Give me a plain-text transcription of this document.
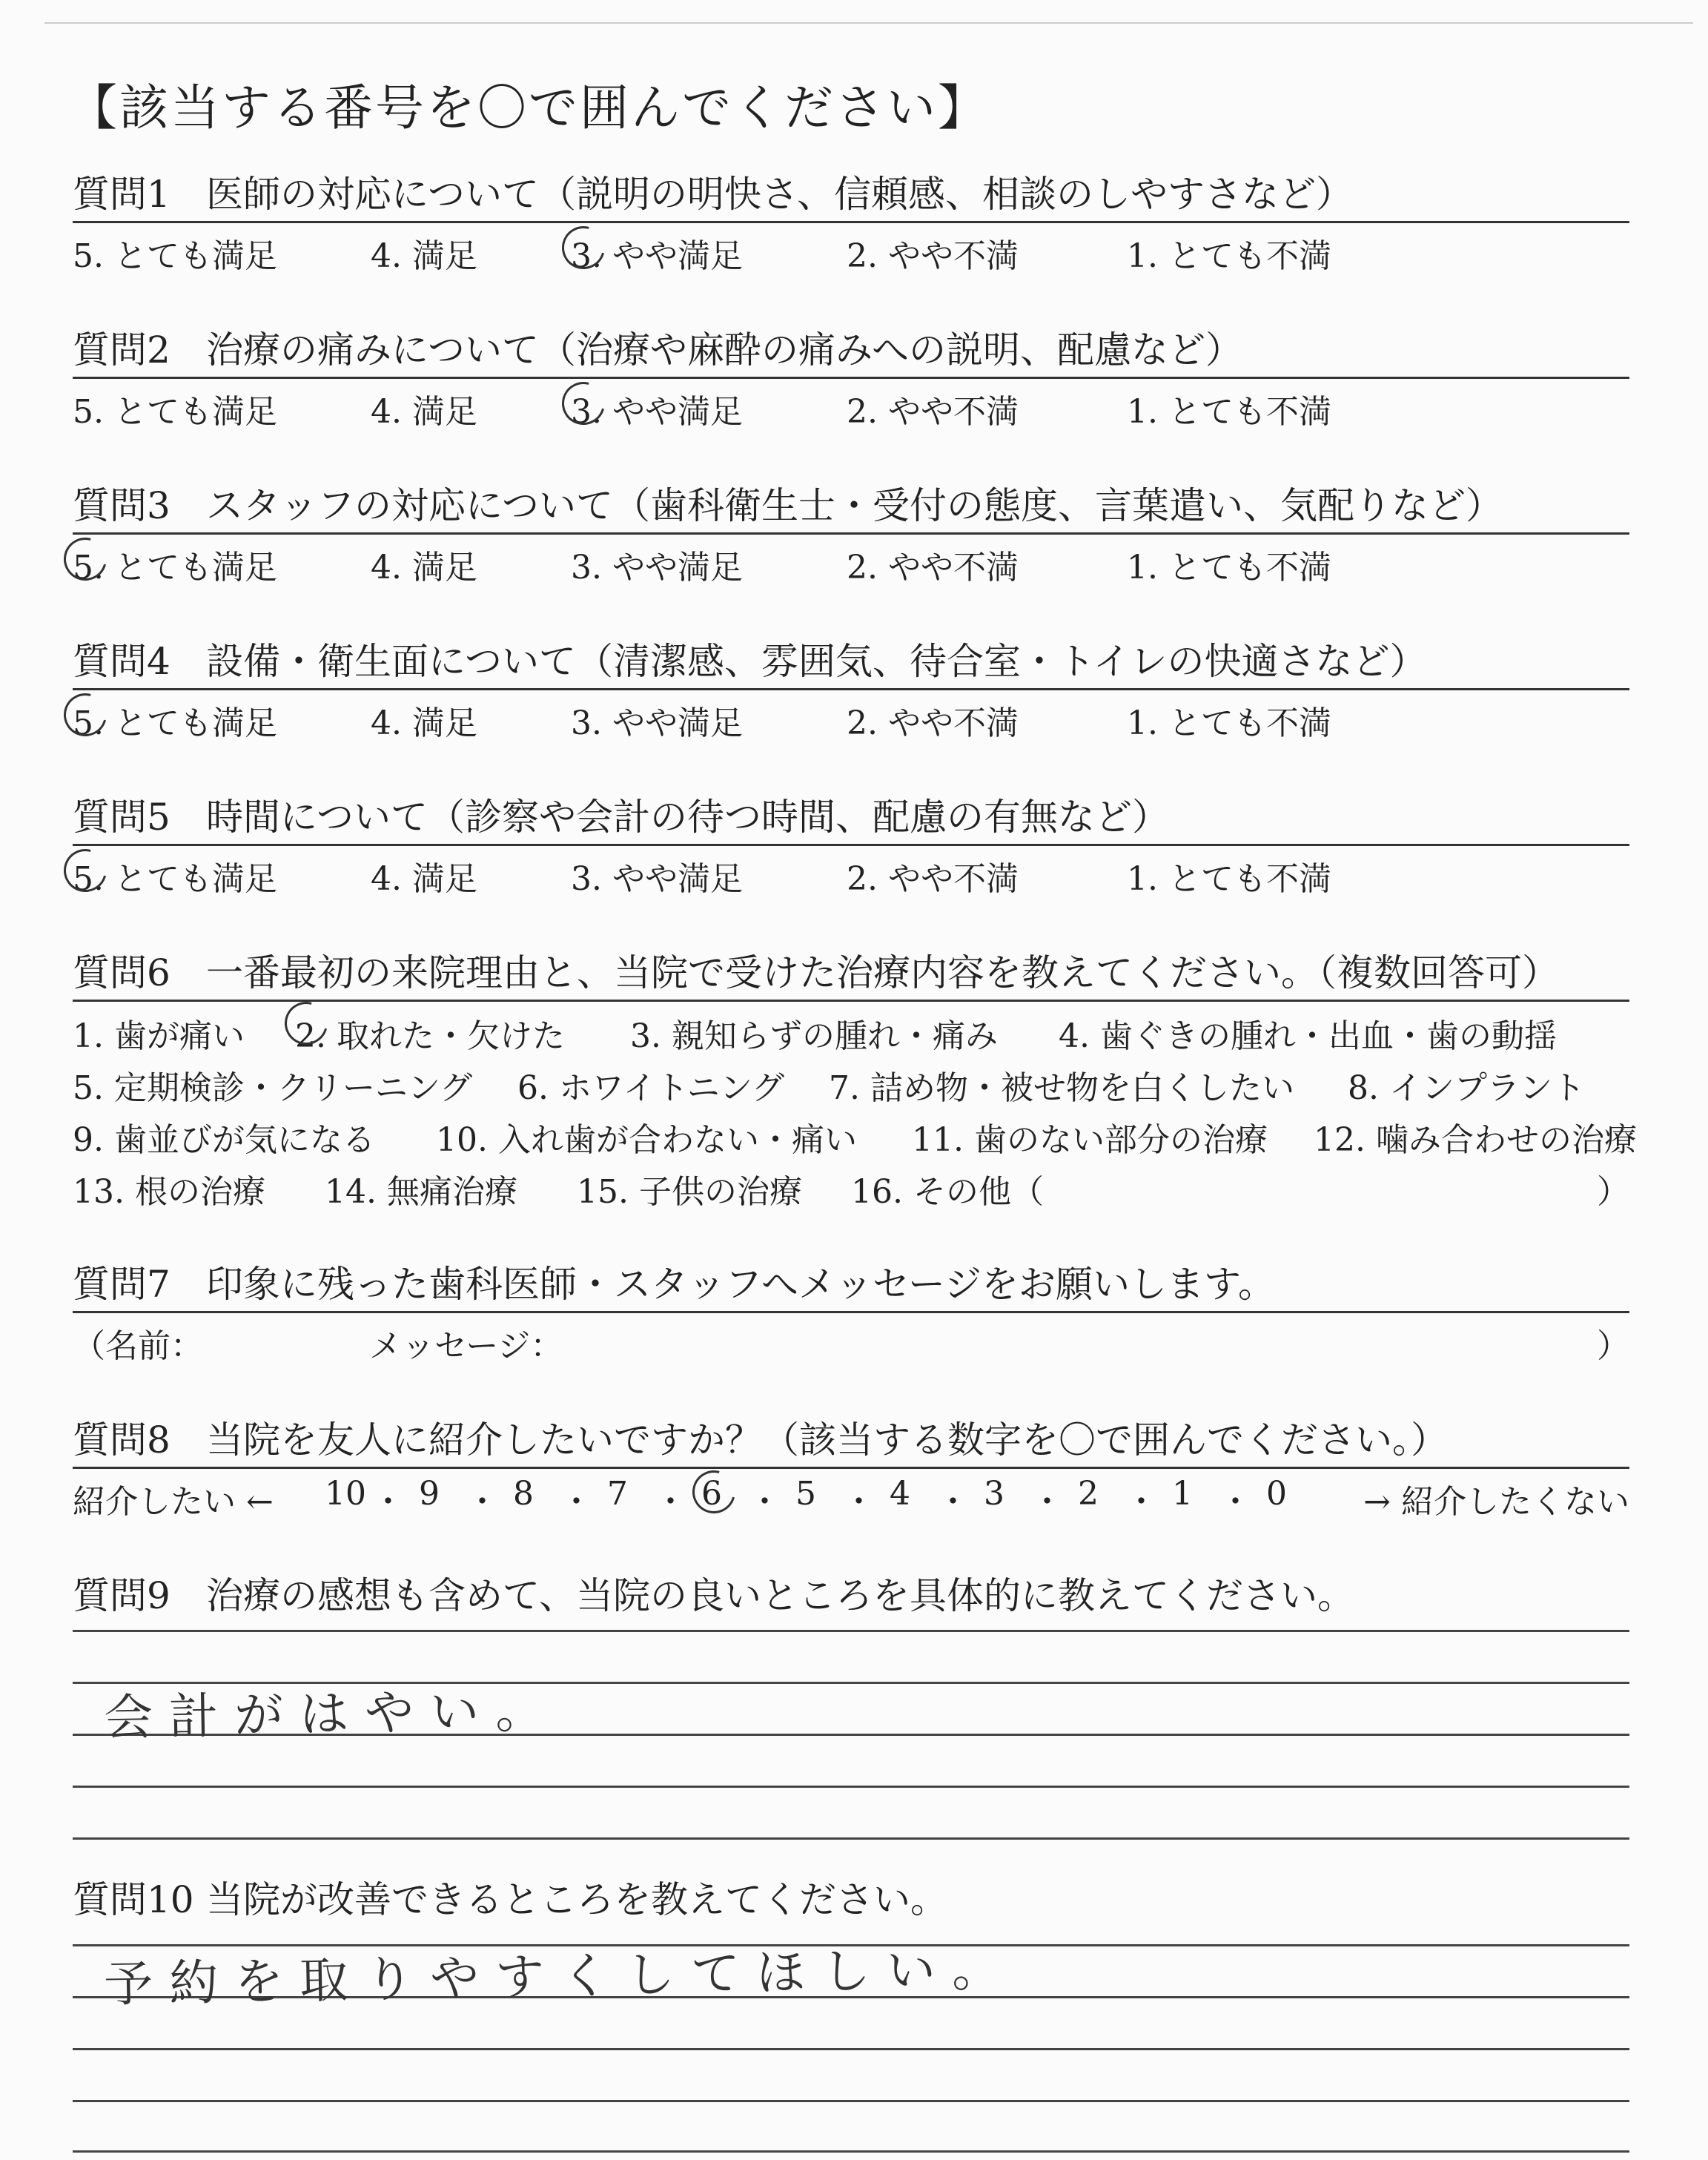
【該当する番号を〇で囲んでください】
質問1 医師の対応について（説明の明快さ、信頼感、相談のしやすさなど）
5. とても満足	4. 満足	3. やや満足	2. やや不満	1. とても不満
質問2 治療の痛みについて（治療や麻酔の痛みへの説明、配慮など）
5. とても満足	4. 満足	3. やや満足	2. やや不満	1. とても不満
質問3 スタッフの対応について（歯科衛生士・受付の態度、言葉遣い、気配りなど）
5. とても満足	4. 満足	3. やや満足	2. やや不満	1. とても不満
質問4 設備・衛生面について（清潔感、雰囲気、待合室・トイレの快適さなど）
5. とても満足	4. 満足	3. やや満足	2. やや不満	1. とても不満
質問5 時間について（診察や会計の待つ時間、配慮の有無など）
5. とても満足	4. 満足	3. やや満足	2. やや不満	1. とても不満
質問6 一番最初の来院理由と、当院で受けた治療内容を教えてください。（複数回答可）
1. 歯が痛い 2. 取れた・欠けた 3. 親知らずの腫れ・痛み 4. 歯ぐきの腫れ・出血・歯の動揺
5. 定期検診・クリーニング 6. ホワイトニング 7. 詰め物・被せ物を白くしたい 8. インプラント
9. 歯並びが気になる 10. 入れ歯が合わない・痛い 11. 歯のない部分の治療 12. 噛み合わせの治療
13. 根の治療 14. 無痛治療 15. 子供の治療 16. その他（	）
質問7 印象に残った歯科医師・スタッフへメッセージをお願いします。
（名前：	メッセージ：	）
質問8 当院を友人に紹介したいですか？（該当する数字を〇で囲んでください。）
紹介したい ←	→ 紹介したくない
10 ・ 9 ・ 8 ・ 7 ・ 6 ・ 5 ・ 4 ・ 3 ・ 2 ・ 1 ・ 0
質問9 治療の感想も含めて、当院の良いところを具体的に教えてください。
会計がはやい。
質問10 当院が改善できるところを教えてください。
予約を取りやすくしてほしい。
